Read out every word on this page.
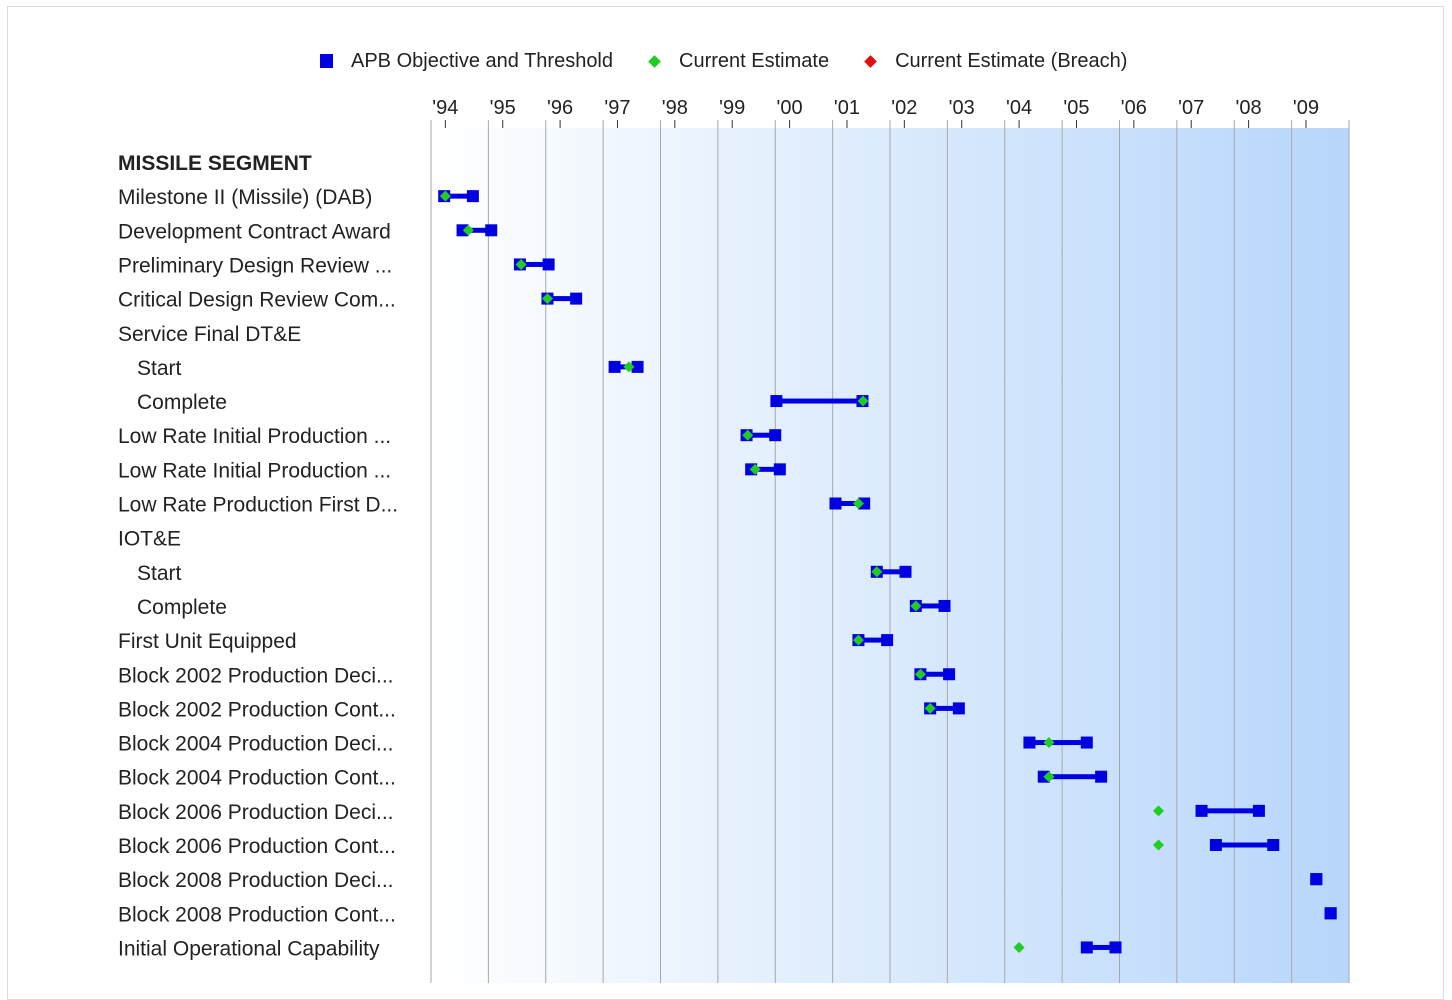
APB Objective and Threshold	Current Estimate	Current Estimate (Breach)
'94 '95 '96 '97 '98 '99 '00 '01 '02 '03 '04 '05 '06 '07 '08 '09
MISSILE SEGMENT
Milestone II (Missile) (DAB)
Development Contract Award
Preliminary Design Review ...
Critical Design Review Com...
Service Final DT&E
Start
Complete
Low Rate Initial Production ...
Low Rate Initial Production ...
Low Rate Production First D...
IOT&E
Start
Complete
First Unit Equipped
Block 2002 Production Deci...
Block 2002 Production Cont...
Block 2004 Production Deci...
Block 2004 Production Cont...
Block 2006 Production Deci...
Block 2006 Production Cont...
Block 2008 Production Deci...
Block 2008 Production Cont...
Initial Operational Capability
